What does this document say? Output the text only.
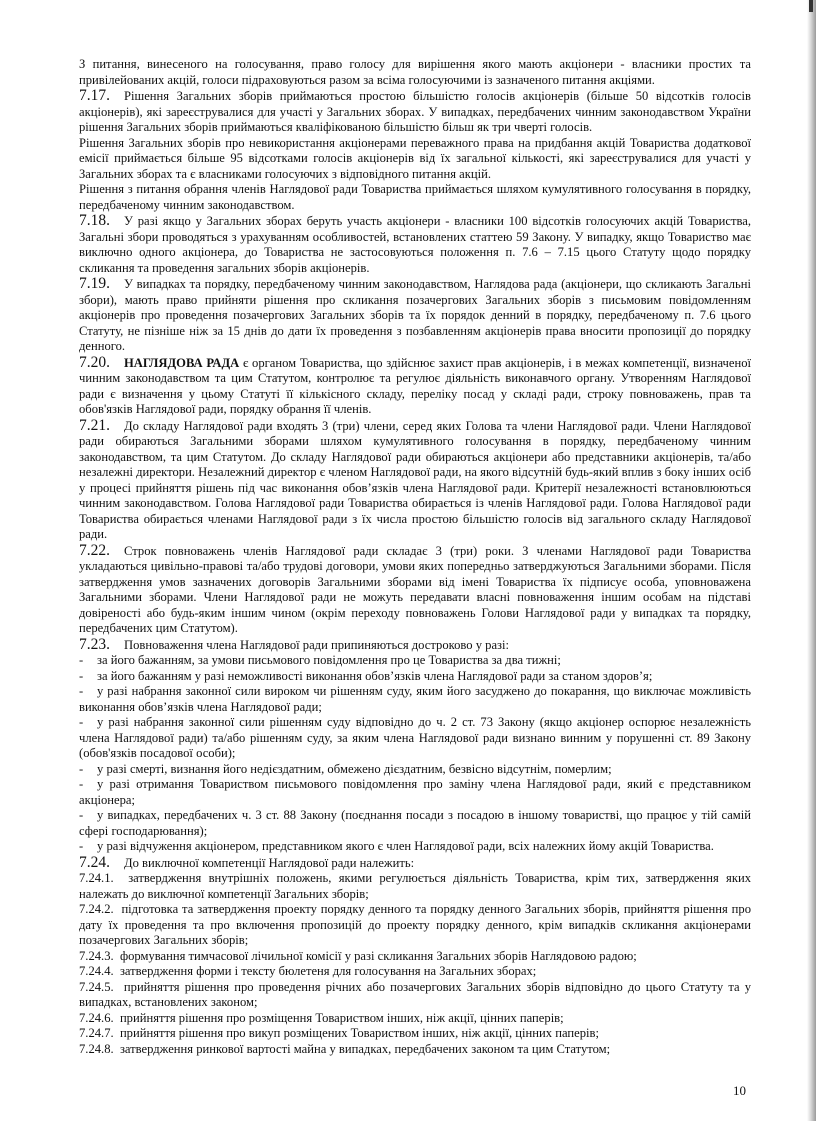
З питання, винесеного на голосування, право голосу для вирішення якого мають акціонери - власники простих та привілейованих акцій, голоси підраховуються разом за всіма голосуючими із зазначеного питання акціями.

7.17. Рішення Загальних зборів приймаються простою більшістю голосів акціонерів (більше 50 відсотків голосів акціонерів), які зареєструвалися для участі у Загальних зборах. У випадках, передбачених чинним законодавством України рішення Загальних зборів приймаються кваліфікованою більшістю більш як три чверті голосів.

Рішення Загальних зборів про невикористання акціонерами переважного права на придбання акцій Товариства додаткової емісії приймається більше 95 відсотками голосів акціонерів від їх загальної кількості, які зареєструвалися для участі у Загальних зборах та є власниками голосуючих з відповідного питання акцій.

Рішення з питання обрання членів Наглядової ради Товариства приймається шляхом кумулятивного голосування в порядку, передбаченому чинним законодавством.

7.18. У разі якщо у Загальних зборах беруть участь акціонери - власники 100 відсотків голосуючих акцій Товариства, Загальні збори проводяться з урахуванням особливостей, встановлених статтею 59 Закону. У випадку, якщо Товариство має виключно одного акціонера, до Товариства не застосовуються положення п. 7.6 – 7.15 цього Статуту щодо порядку скликання та проведення загальних зборів акціонерів.

7.19. У випадках та порядку, передбаченому чинним законодавством, Наглядова рада (акціонери, що скликають Загальні збори), мають право прийняти рішення про скликання позачергових Загальних зборів з письмовим повідомленням акціонерів про проведення позачергових Загальних зборів та їх порядок денний в порядку, передбаченому п. 7.6 цього Статуту, не пізніше ніж за 15 днів до дати їх проведення з позбавленням акціонерів права вносити пропозиції до порядку денного.

7.20. НАГЛЯДОВА РАДА є органом Товариства, що здійснює захист прав акціонерів, і в межах компетенції, визначеної чинним законодавством та цим Статутом, контролює та регулює діяльність виконавчого органу. Утворенням Наглядової ради є визначення у цьому Статуті її кількісного складу, переліку посад у складі ради, строку повноважень, прав та обов'язків Наглядової ради, порядку обрання її членів.

7.21. До складу Наглядової ради входять 3 (три) члени, серед яких Голова та члени Наглядової ради. Члени Наглядової ради обираються Загальними зборами шляхом кумулятивного голосування в порядку, передбаченому чинним законодавством, та цим Статутом. До складу Наглядової ради обираються акціонери або представники акціонерів, та/або незалежні директори. Незалежний директор є членом Наглядової ради, на якого відсутній будь-який вплив з боку інших осіб у процесі прийняття рішень під час виконання обов’язків члена Наглядової ради. Критерії незалежності встановлюються чинним законодавством. Голова Наглядової ради Товариства обирається із членів Наглядової ради. Голова Наглядової ради Товариства обирається членами Наглядової ради з їх числа простою більшістю голосів від загального складу Наглядової ради.

7.22. Строк повноважень членів Наглядової ради складає 3 (три) роки. З членами Наглядової ради Товариства укладаються цивільно-правові та/або трудові договори, умови яких попередньо затверджуються Загальними зборами. Після затвердження умов зазначених договорів Загальними зборами від імені Товариства їх підписує особа, уповноважена Загальними зборами. Члени Наглядової ради не можуть передавати власні повноваження іншим особам на підставі довіреності або будь-яким іншим чином (окрім переходу повноважень Голови Наглядової ради у випадках та порядку, передбачених цим Статутом).

7.23. Повноваження члена Наглядової ради припиняються достроково у разі:

- за його бажанням, за умови письмового повідомлення про це Товариства за два тижні;

- за його бажанням у разі неможливості виконання обов’язків члена Наглядової ради за станом здоров’я;

- у разі набрання законної сили вироком чи рішенням суду, яким його засуджено до покарання, що виключає можливість виконання обов’язків члена Наглядової ради;

- у разі набрання законної сили рішенням суду відповідно до ч. 2 ст. 73 Закону (якщо акціонер оспорює незалежність члена Наглядової ради) та/або рішенням суду, за яким члена Наглядової ради визнано винним у порушенні ст. 89 Закону (обов'язків посадової особи);

- у разі смерті, визнання його недієздатним, обмежено дієздатним, безвісно відсутнім, померлим;

- у разі отримання Товариством письмового повідомлення про заміну члена Наглядової ради, який є представником акціонера;

- у випадках, передбачених ч. 3 ст. 88 Закону (поєднання посади з посадою в іншому товаристві, що працює у тій самій сфері господарювання);

- у разі відчуження акціонером, представником якого є член Наглядової ради, всіх належних йому акцій Товариства.

7.24. До виключної компетенції Наглядової ради належить:

7.24.1. затвердження внутрішніх положень, якими регулюється діяльність Товариства, крім тих, затвердження яких належать до виключної компетенції Загальних зборів;

7.24.2. підготовка та затвердження проекту порядку денного та порядку денного Загальних зборів, прийняття рішення про дату їх проведення та про включення пропозицій до проекту порядку денного, крім випадків скликання акціонерами позачергових Загальних зборів;

7.24.3. формування тимчасової лічильної комісії у разі скликання Загальних зборів Наглядовою радою;

7.24.4. затвердження форми і тексту бюлетеня для голосування на Загальних зборах;

7.24.5. прийняття рішення про проведення річних або позачергових Загальних зборів відповідно до цього Статуту та у випадках, встановлених законом;

7.24.6. прийняття рішення про розміщення Товариством інших, ніж акції, цінних паперів;

7.24.7. прийняття рішення про викуп розміщених Товариством інших, ніж акції, цінних паперів;

7.24.8. затвердження ринкової вартості майна у випадках, передбачених законом та цим Статутом;

10
